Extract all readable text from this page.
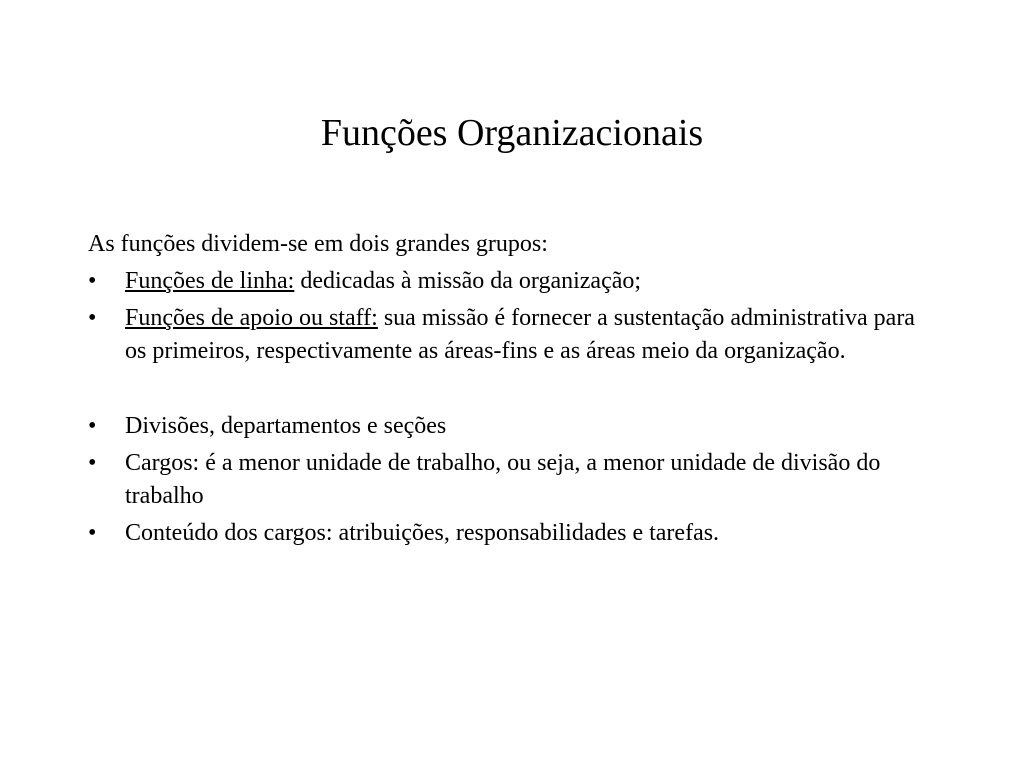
Funções Organizacionais

As funções dividem-se em dois grandes grupos:

•	Funções de linha: dedicadas à missão da organização;
•	Funções de apoio ou staff: sua missão é fornecer a sustentação administrativa para os primeiros, respectivamente as áreas-fins e as áreas meio da organização.
•	Divisões, departamentos e seções
•	Cargos: é a menor unidade de trabalho, ou seja, a menor unidade de divisão do trabalho
•	Conteúdo dos cargos: atribuições, responsabilidades e tarefas.
